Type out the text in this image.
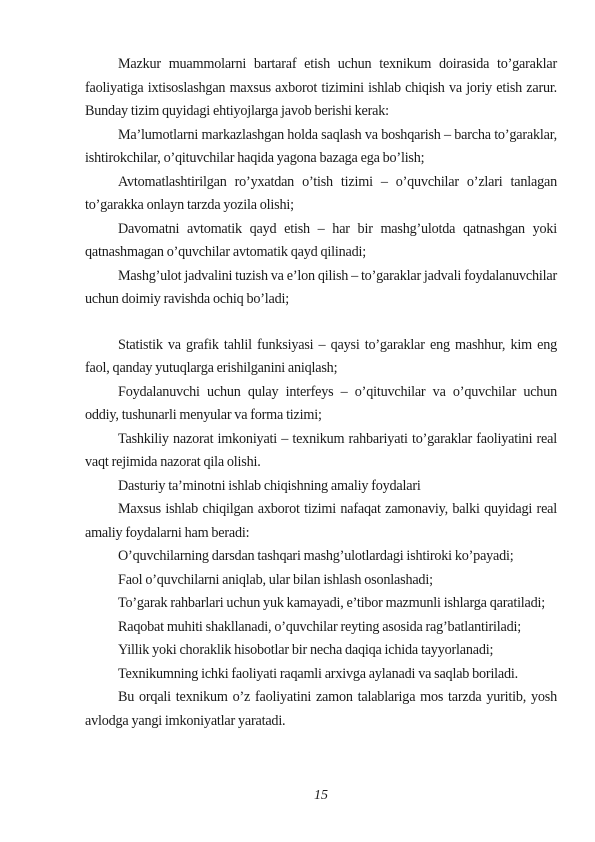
Mazkur muammolarni bartaraf etish uchun texnikum doirasida to’garaklar faoliyatiga ixtisoslashgan maxsus axborot tizimini ishlab chiqish va joriy etish zarur. Bunday tizim quyidagi ehtiyojlarga javob berishi kerak:

Ma’lumotlarni markazlashgan holda saqlash va boshqarish – barcha to’garaklar, ishtirokchilar, o’qituvchilar haqida yagona bazaga ega bo’lish;

Avtomatlashtirilgan ro’yxatdan o’tish tizimi – o’quvchilar o’zlari tanlagan to’garakka onlayn tarzda yozila olishi;

Davomatni avtomatik qayd etish – har bir mashg’ulotda qatnashgan yoki qatnashmagan o’quvchilar avtomatik qayd qilinadi;

Mashg’ulot jadvalini tuzish va e’lon qilish – to’garaklar jadvali foydalanuvchilar uchun doimiy ravishda ochiq bo’ladi;

Statistik va grafik tahlil funksiyasi – qaysi to’garaklar eng mashhur, kim eng faol, qanday yutuqlarga erishilganini aniqlash;

Foydalanuvchi uchun qulay interfeys – o’qituvchilar va o’quvchilar uchun oddiy, tushunarli menyular va forma tizimi;

Tashkiliy nazorat imkoniyati – texnikum rahbariyati to’garaklar faoliyatini real vaqt rejimida nazorat qila olishi.

Dasturiy ta’minotni ishlab chiqishning amaliy foydalari

Maxsus ishlab chiqilgan axborot tizimi nafaqat zamonaviy, balki quyidagi real amaliy foydalarni ham beradi:

O’quvchilarning darsdan tashqari mashg’ulotlardagi ishtiroki ko’payadi;

Faol o’quvchilarni aniqlab, ular bilan ishlash osonlashadi;

To’garak rahbarlari uchun yuk kamayadi, e’tibor mazmunli ishlarga qaratiladi;

Raqobat muhiti shakllanadi, o’quvchilar reyting asosida rag’batlantiriladi;

Yillik yoki choraklik hisobotlar bir necha daqiqa ichida tayyorlanadi;

Texnikumning ichki faoliyati raqamli arxivga aylanadi va saqlab boriladi.

Bu orqali texnikum o’z faoliyatini zamon talablariga mos tarzda yuritib, yosh avlodga yangi imkoniyatlar yaratadi.

15
